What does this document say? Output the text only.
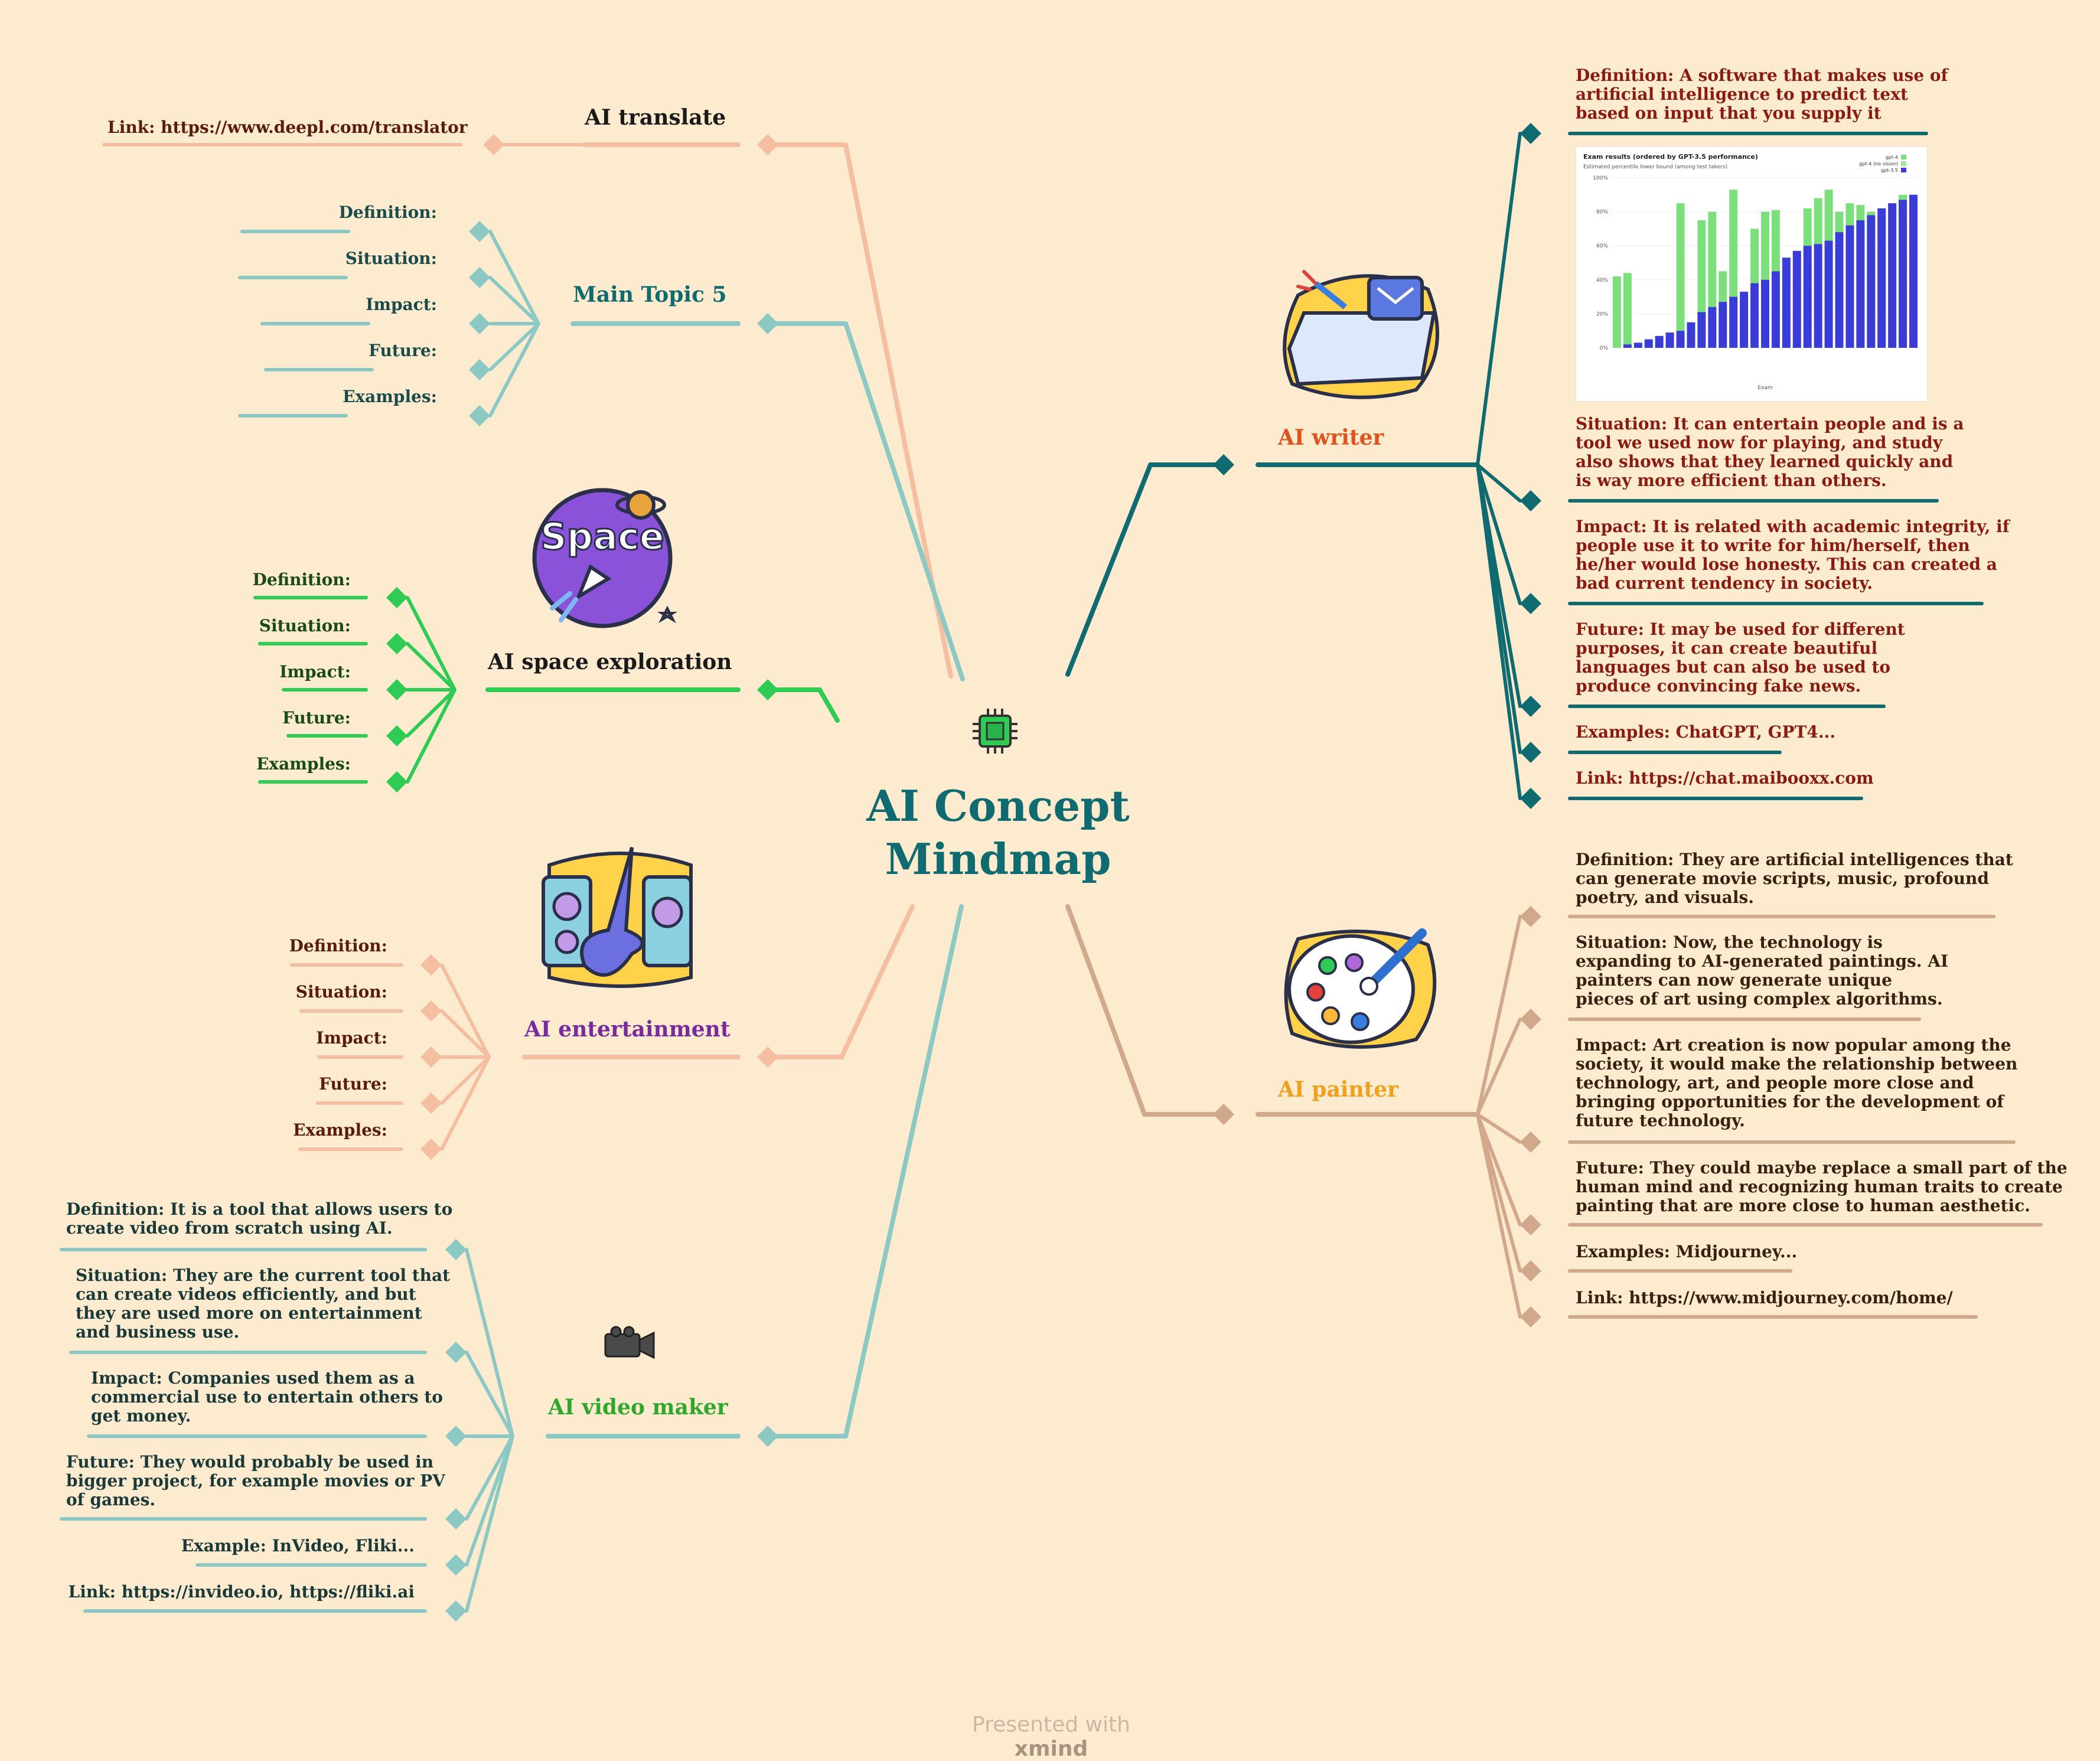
Exam results (ordered by GPT-3.5 performance)
Estimated percentile lower bound (among test takers)
0%
20%
40%
60%
80%
100%
gpt-4
gpt-4 (no vision)
gpt-3.5
Exam
AI Concept Mindmap
Presented with xmind
Space
AI translate
Main Topic 5
AI space exploration
AI entertainment
AI video maker
AI writer
AI painter
Link: https://www.deepl.com/translator
Definition:
Situation:
Impact:
Future:
Examples:
Definition:
Situation:
Impact:
Future:
Examples:
Definition:
Situation:
Impact:
Future:
Examples:
Definition: It is a tool that allows users to
create video from scratch using AI.
Situation: They are the current tool that
can create videos efficiently, and but
they are used more on entertainment
and business use.
Impact: Companies used them as a
commercial use to entertain others to
get money.
Future: They would probably be used in
bigger project, for example movies or PV
of games.
Example: InVideo, Fliki...
Link: https://invideo.io, https://fliki.ai
Definition: A software that makes use of
artificial intelligence to predict text
based on input that you supply it
Situation: It can entertain people and is a
tool we used now for playing, and study
also shows that they learned quickly and
is way more efficient than others.
Impact: It is related with academic integrity, if
people use it to write for him/herself, then
he/her would lose honesty. This can created a
bad current tendency in society.
Future: It may be used for different
purposes, it can create beautiful
languages but can also be used to
produce convincing fake news.
Examples: ChatGPT, GPT4...
Link: https://chat.maibooxx.com
Definition: They are artificial intelligences that
can generate movie scripts, music, profound
poetry, and visuals.
Situation: Now, the technology is
expanding to AI-generated paintings. AI
painters can now generate unique
pieces of art using complex algorithms.
Impact: Art creation is now popular among the
society, it would make the relationship between
technology, art, and people more close and
bringing opportunities for the development of
future technology.
Future: They could maybe replace a small part of the
human mind and recognizing human traits to create
painting that are more close to human aesthetic.
Examples: Midjourney...
Link: https://www.midjourney.com/home/
